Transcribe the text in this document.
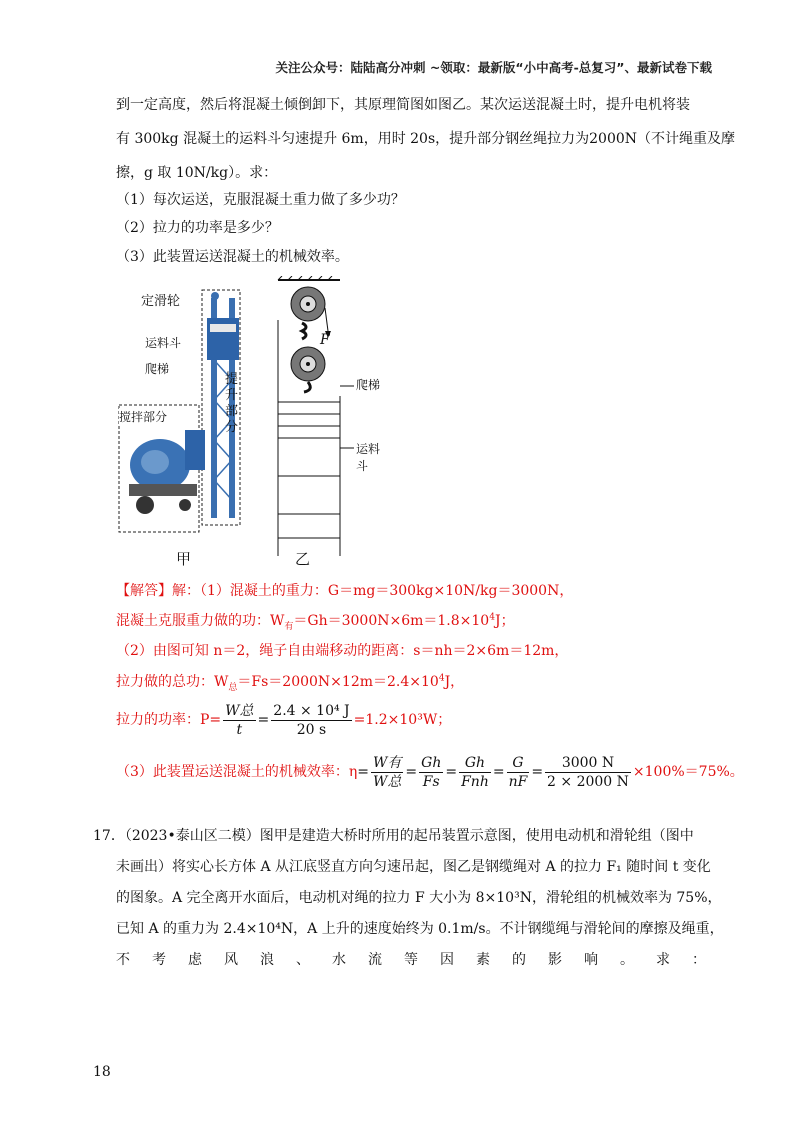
关注公众号：陆陆高分冲刺 ~领取：最新版“小中高考-总复习”、最新试卷下载
到一定高度，然后将混凝土倾倒卸下，其原理简图如图乙。某次运送混凝土时，提升电机将装
有 300kg 混凝土的运料斗匀速提升 6m，用时 20s，提升部分钢丝绳拉力为2000N（不计绳重及摩
擦，g 取 10N/kg）。求：
（1）每次运送，克服混凝土重力做了多少功？
（2）拉力的功率是多少？
（3）此装置运送混凝土的机械效率。
定滑轮
运料斗
爬梯
搅拌部分
提升部分
甲
F
爬梯
运料斗
乙
【解答】解：（1）混凝土的重力：G＝mg＝300kg×10N/kg＝3000N，
混凝土克服重力做的功：$W_有=Gh=3000N\times 6m=1.8\times 10^4J$；
（2）由图可知 n＝2，绳子自由端移动的距离：s＝nh＝2×6m＝12m，
拉力做的总功：$W_总=Fs=2000N\times 12m=2.4\times 10^4J$，
拉力的功率：$P= \frac{\text{W总}}{t} = \frac{\text{2.4 × 10⁴ J}}{20 s} =1.2\times 10^3W$；
（3）此装置运送混凝土的机械效率：$\eta= \frac{\text{W有}}{\text{W总}} = \frac{Gh}{Fs} = \frac{Gh}{\text{Fnh}} = \frac{G}{nF} = \frac{3000 N}{2 \times 2000 N} \times 100\%=75\%$。
17．（2023•泰山区二模）图甲是建造大桥时所用的起吊装置示意图，使用电动机和滑轮组（图中
未画出）将实心长方体 A 从江底竖直方向匀速吊起，图乙是钢缆绳对 A 的拉力 F₁ 随时间 t 变化
的图象。A 完全离开水面后，电动机对绳的拉力 F 大小为 8×10³N，滑轮组的机械效率为 75%，
已知 A 的重力为 2.4×10⁴N，A 上升的速度始终为 0.1m/s。不计钢缆绳与滑轮间的摩擦及绳重，
不考虑风浪、水流等因素的影响。求：
18
